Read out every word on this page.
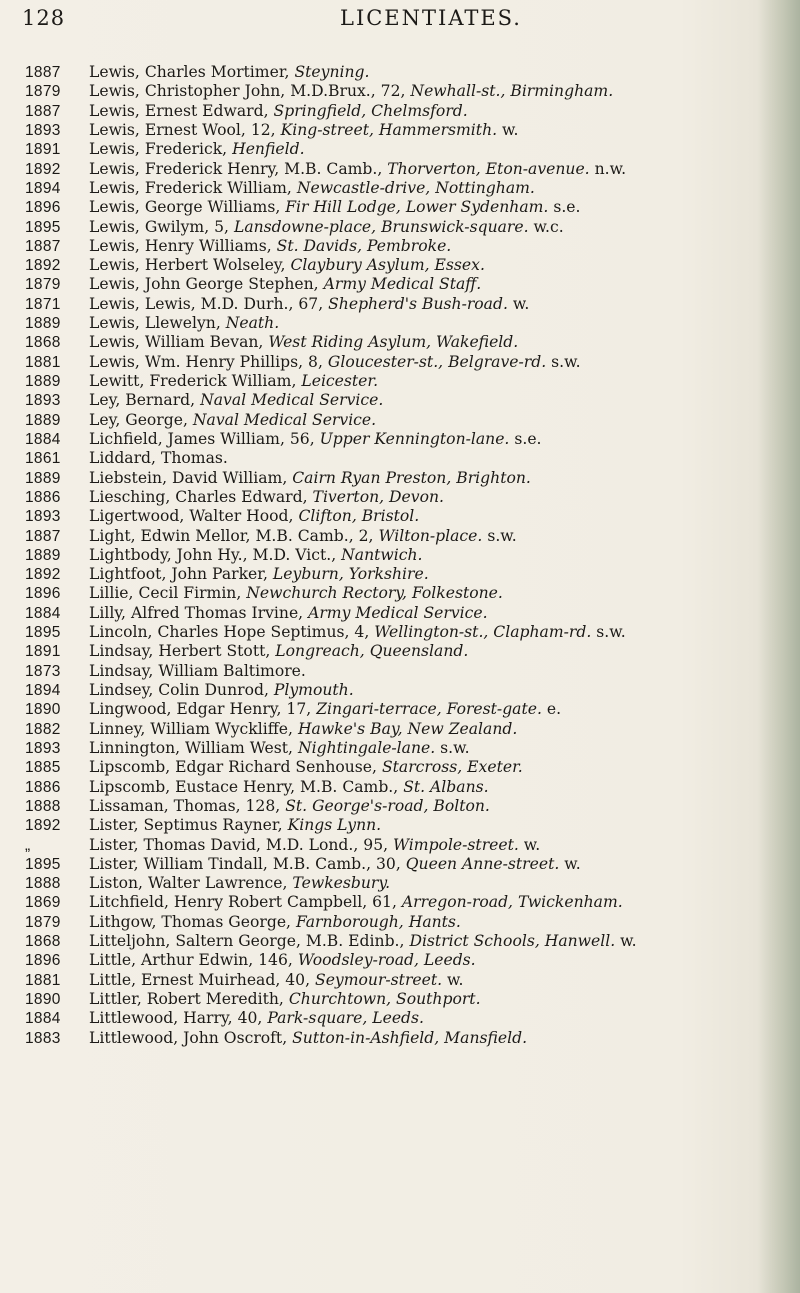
128	LICENTIATES.
1887 Lewis, Charles Mortimer, Steyning.
1879 Lewis, Christopher John, M.D.Brux., 72, Newhall-st., Birmingham.
1887 Lewis, Ernest Edward, Springfield, Chelmsford.
1893 Lewis, Ernest Wool, 12, King-street, Hammersmith. w.
1891 Lewis, Frederick, Henfield.
1892 Lewis, Frederick Henry, M.B. Camb., Thorverton, Eton-avenue. n.w.
1894 Lewis, Frederick William, Newcastle-drive, Nottingham.
1896 Lewis, George Williams, Fir Hill Lodge, Lower Sydenham. s.e.
1895 Lewis, Gwilym, 5, Lansdowne-place, Brunswick-square. w.c.
1887 Lewis, Henry Williams, St. Davids, Pembroke.
1892 Lewis, Herbert Wolseley, Claybury Asylum, Essex.
1879 Lewis, John George Stephen, Army Medical Staff.
1871 Lewis, Lewis, M.D. Durh., 67, Shepherd's Bush-road. w.
1889 Lewis, Llewelyn, Neath.
1868 Lewis, William Bevan, West Riding Asylum, Wakefield.
1881 Lewis, Wm. Henry Phillips, 8, Gloucester-st., Belgrave-rd. s.w.
1889 Lewitt, Frederick William, Leicester.
1893 Ley, Bernard, Naval Medical Service.
1889 Ley, George, Naval Medical Service.
1884 Lichfield, James William, 56, Upper Kennington-lane. s.e.
1861 Liddard, Thomas.
1889 Liebstein, David William, Cairn Ryan Preston, Brighton.
1886 Liesching, Charles Edward, Tiverton, Devon.
1893 Ligertwood, Walter Hood, Clifton, Bristol.
1887 Light, Edwin Mellor, M.B. Camb., 2, Wilton-place. s.w.
1889 Lightbody, John Hy., M.D. Vict., Nantwich.
1892 Lightfoot, John Parker, Leyburn, Yorkshire.
1896 Lillie, Cecil Firmin, Newchurch Rectory, Folkestone.
1884 Lilly, Alfred Thomas Irvine, Army Medical Service.
1895 Lincoln, Charles Hope Septimus, 4, Wellington-st., Clapham-rd. s.w.
1891 Lindsay, Herbert Stott, Longreach, Queensland.
1873 Lindsay, William Baltimore.
1894 Lindsey, Colin Dunrod, Plymouth.
1890 Lingwood, Edgar Henry, 17, Zingari-terrace, Forest-gate. e.
1882 Linney, William Wyckliffe, Hawke's Bay, New Zealand.
1893 Linnington, William West, Nightingale-lane. s.w.
1885 Lipscomb, Edgar Richard Senhouse, Starcross, Exeter.
1886 Lipscomb, Eustace Henry, M.B. Camb., St. Albans.
1888 Lissaman, Thomas, 128, St. George's-road, Bolton.
1892 Lister, Septimus Rayner, Kings Lynn.
„	Lister, Thomas David, M.D. Lond., 95, Wimpole-street. w.
1895 Lister, William Tindall, M.B. Camb., 30, Queen Anne-street. w.
1888 Liston, Walter Lawrence, Tewkesbury.
1869 Litchfield, Henry Robert Campbell, 61, Arregon-road, Twickenham.
1879 Lithgow, Thomas George, Farnborough, Hants.
1868 Litteljohn, Saltern George, M.B. Edinb., District Schools, Hanwell. w.
1896 Little, Arthur Edwin, 146, Woodsley-road, Leeds.
1881 Little, Ernest Muirhead, 40, Seymour-street. w.
1890 Littler, Robert Meredith, Churchtown, Southport.
1884 Littlewood, Harry, 40, Park-square, Leeds.
1883 Littlewood, John Oscroft, Sutton-in-Ashfield, Mansfield.
